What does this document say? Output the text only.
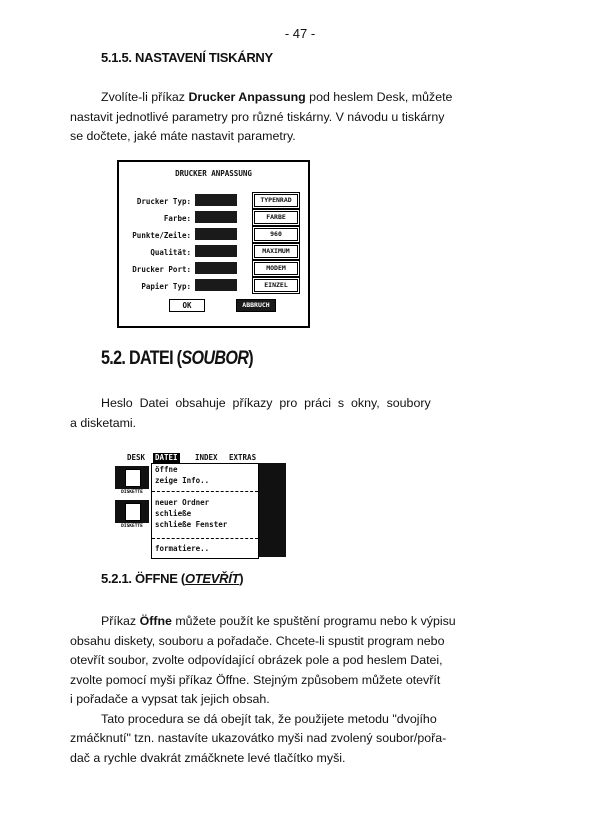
- 47 -
5.1.5. NASTAVENÍ TISKÁRNY

Zvolíte-li příkaz Drucker Anpassung pod heslem Desk, můžete

nastavit jednotlivé parametry pro různé tiskárny. V návodu u tiskárny

se dočtete, jaké máte nastavit parametry.

DRUCKER ANPASSUNG
Drucker Typ:	TYPENRAD
Farbe:	FARBE
Punkte/Zeile:	960
Qualität:	MAXIMUM
Drucker Port:	MODEM
Papier Typ:	EINZEL
OK	ABBRUCH
5.2. DATEI (SOUBOR)

Heslo  Datei  obsahuje  příkazy  pro  práci  s  okny,  soubory

a disketami.

DESK DATEI INDEX EXTRAS
DISKETTE
DISKETTE
öffne
zeige Info..
neuer Ordner
schließe
schließe Fenster
formatiere..
5.2.1. ÖFFNE (OTEVŘÍT)

Příkaz Öffne můžete použít ke spuštění programu nebo k výpisu

obsahu diskety, souboru a pořadače. Chcete-li spustit program nebo

otevřít soubor, zvolte odpovídající obrázek pole a pod heslem Datei,

zvolte pomocí myši příkaz Öffne. Stejným způsobem můžete otevřít

i pořadače a vypsat tak jejich obsah.

Tato procedura se dá obejít tak, že použijete metodu "dvojího

zmáčknutí" tzn. nastavíte ukazovátko myši nad zvolený soubor/pořa-

dač a rychle dvakrát zmáčknete levé tlačítko myši.
